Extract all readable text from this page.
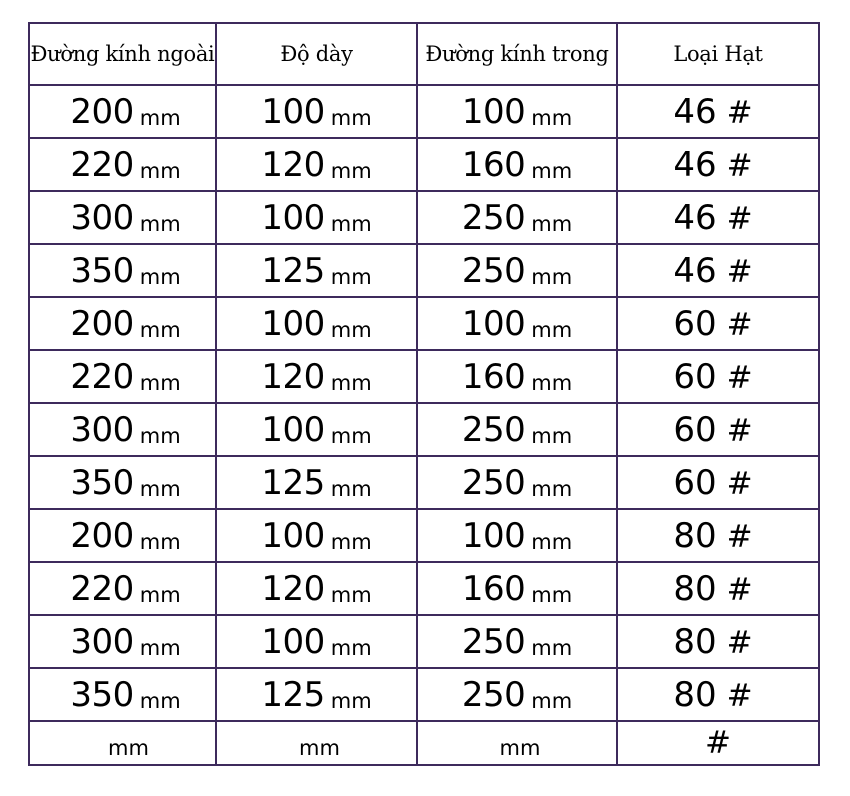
Đường kính ngoài	Độ dày	Đường kính trong	Loại Hạt
200 mm	100 mm	100 mm	46 #
220 mm	120 mm	160 mm	46 #
300 mm	100 mm	250 mm	46 #
350 mm	125 mm	250 mm	46 #
200 mm	100 mm	100 mm	60 #
220 mm	120 mm	160 mm	60 #
300 mm	100 mm	250 mm	60 #
350 mm	125 mm	250 mm	60 #
200 mm	100 mm	100 mm	80 #
220 mm	120 mm	160 mm	80 #
300 mm	100 mm	250 mm	80 #
350 mm	125 mm	250 mm	80 #
mm	mm	mm	#
